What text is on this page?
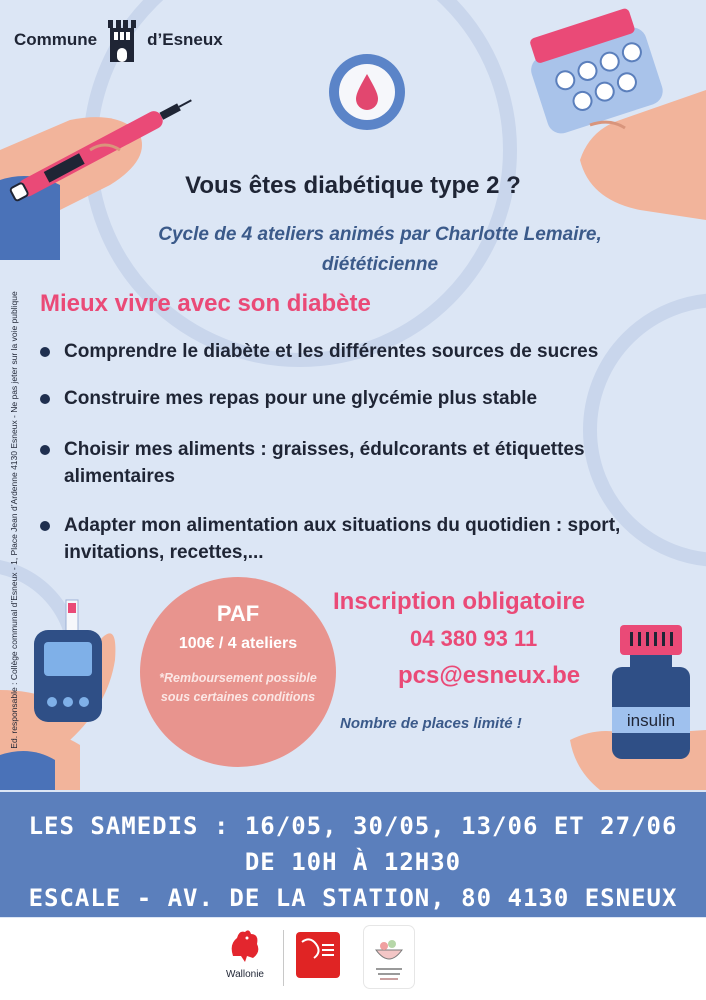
Commune	d’Esneux
Vous êtes diabétique type 2 ?
Cycle de 4 ateliers animés par Charlotte Lemaire,
diététicienne
Mieux vivre avec son diabète
Comprendre le diabète et les différentes sources de sucres
Construire mes repas pour une glycémie plus stable
Choisir mes aliments : graisses, édulcorants et étiquettes alimentaires
Adapter mon alimentation aux situations du quotidien : sport, invitations, recettes,...
Ed. responsable : Collège communal d’Esneux - 1, Place Jean d’Ardenne 4130 Esneux - Ne pas jeter sur la voie publique	PAF
100€ / 4 ateliers
*Remboursement possible sous certaines conditions
Inscription obligatoire
04 380 93 11
pcs@esneux.be
Nombre de places limité !	insulin
LES SAMEDIS : 16/05, 30/05, 13/06 ET 27/06
DE 10H À 12H30
ESCALE - AV. DE LA STATION, 80 4130 ESNEUX
Wallonie
